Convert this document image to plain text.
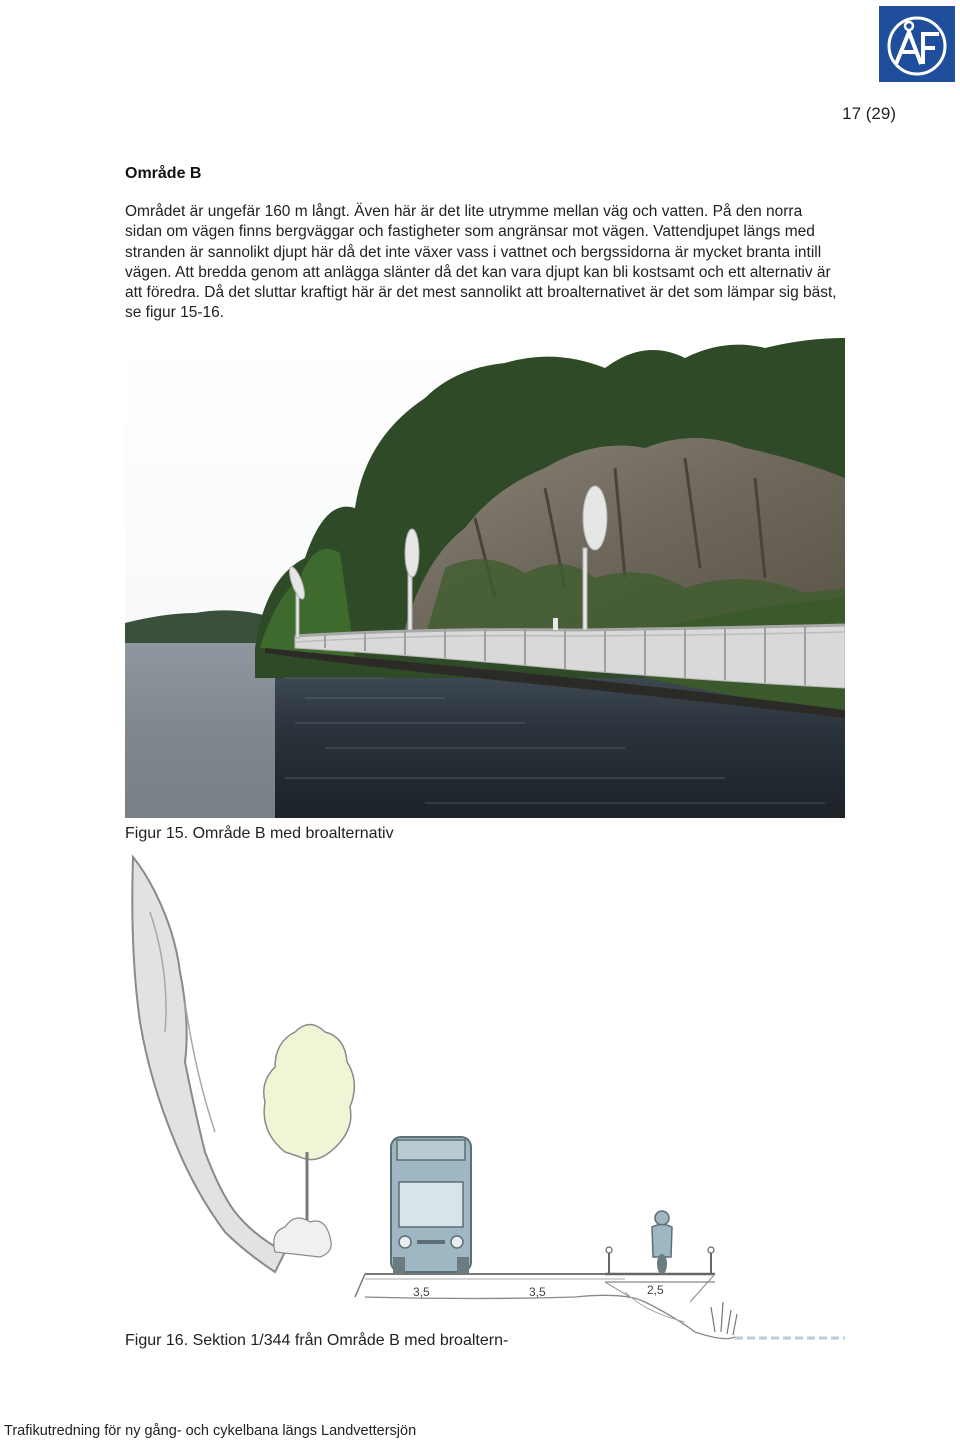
17 (29)
Område B

Området är ungefär 160 m långt. Även här är det lite utrymme mellan väg och vatten. På den norra sidan om vägen finns bergväggar och fastigheter som angränsar mot vägen. Vattendjupet längs med stranden är sannolikt djupt här då det inte växer vass i vattnet och bergssidorna är mycket branta intill vägen. Att bredda genom att anlägga slänter då det kan vara djupt kan bli kostsamt och ett alternativ är att föredra. Då det sluttar kraftigt här är det mest sannolikt att broalternativet är det som lämpar sig bäst, se figur 15-16.

Figur 15. Område B med broalternativ
3,5	3,5	2,5
Figur 16. Sektion 1/344 från Område B med broaltern-
Trafikutredning för ny gång- och cykelbana längs Landvettersjön
